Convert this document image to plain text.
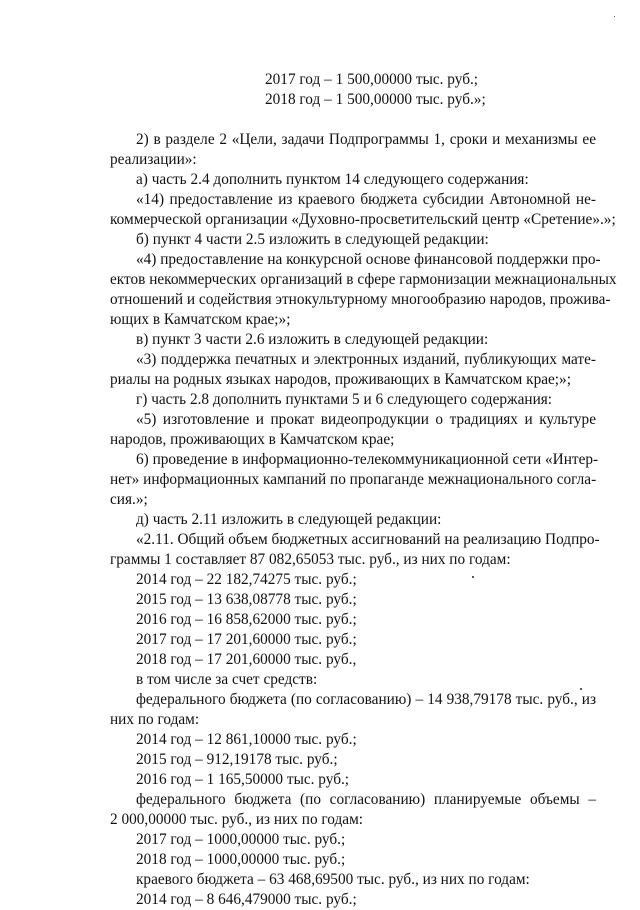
2017 год – 1 500,00000 тыс. руб.;
2018 год – 1 500,00000 тыс. руб.»;
2) в разделе 2 «Цели, задачи Подпрограммы 1, сроки и механизмы ее
реализации»:
а) часть 2.4 дополнить пунктом 14 следующего содержания:
«14) предоставление из краевого бюджета субсидии Автономной не-
коммерческой организации «Духовно-просветительский центр «Сретение».»;
б) пункт 4 части 2.5 изложить в следующей редакции:
«4) предоставление на конкурсной основе финансовой поддержки про-
ектов некоммерческих организаций в сфере гармонизации межнациональных
отношений и содействия этнокультурному многообразию народов, прожива-
ющих в Камчатском крае;»;
в) пункт 3 части 2.6 изложить в следующей редакции:
«3) поддержка печатных и электронных изданий, публикующих мате-
риалы на родных языках народов, проживающих в Камчатском крае;»;
г) часть 2.8 дополнить пунктами 5 и 6 следующего содержания:
«5) изготовление и прокат видеопродукции о традициях и культуре
народов, проживающих в Камчатском крае;
6) проведение в информационно-телекоммуникационной сети «Интер-
нет» информационных кампаний по пропаганде межнационального согла-
сия.»;
д) часть 2.11 изложить в следующей редакции:
«2.11. Общий объем бюджетных ассигнований на реализацию Подпро-
граммы 1 составляет 87 082,65053 тыс. руб., из них по годам:
2014 год – 22 182,74275 тыс. руб.;
2015 год – 13 638,08778 тыс. руб.;
2016 год – 16 858,62000 тыс. руб.;
2017 год – 17 201,60000 тыс. руб.;
2018 год – 17 201,60000 тыс. руб.,
в том числе за счет средств:
федерального бюджета (по согласованию) – 14 938,79178 тыс. руб., из
них по годам:
2014 год – 12 861,10000 тыс. руб.;
2015 год – 912,19178 тыс. руб.;
2016 год – 1 165,50000 тыс. руб.;
федерального бюджета (по согласованию) планируемые объемы –
2 000,00000 тыс. руб., из них по годам:
2017 год – 1000,00000 тыс. руб.;
2018 год – 1000,00000 тыс. руб.;
краевого бюджета – 63 468,69500 тыс. руб., из них по годам:
2014 год – 8 646,479000 тыс. руб.;
